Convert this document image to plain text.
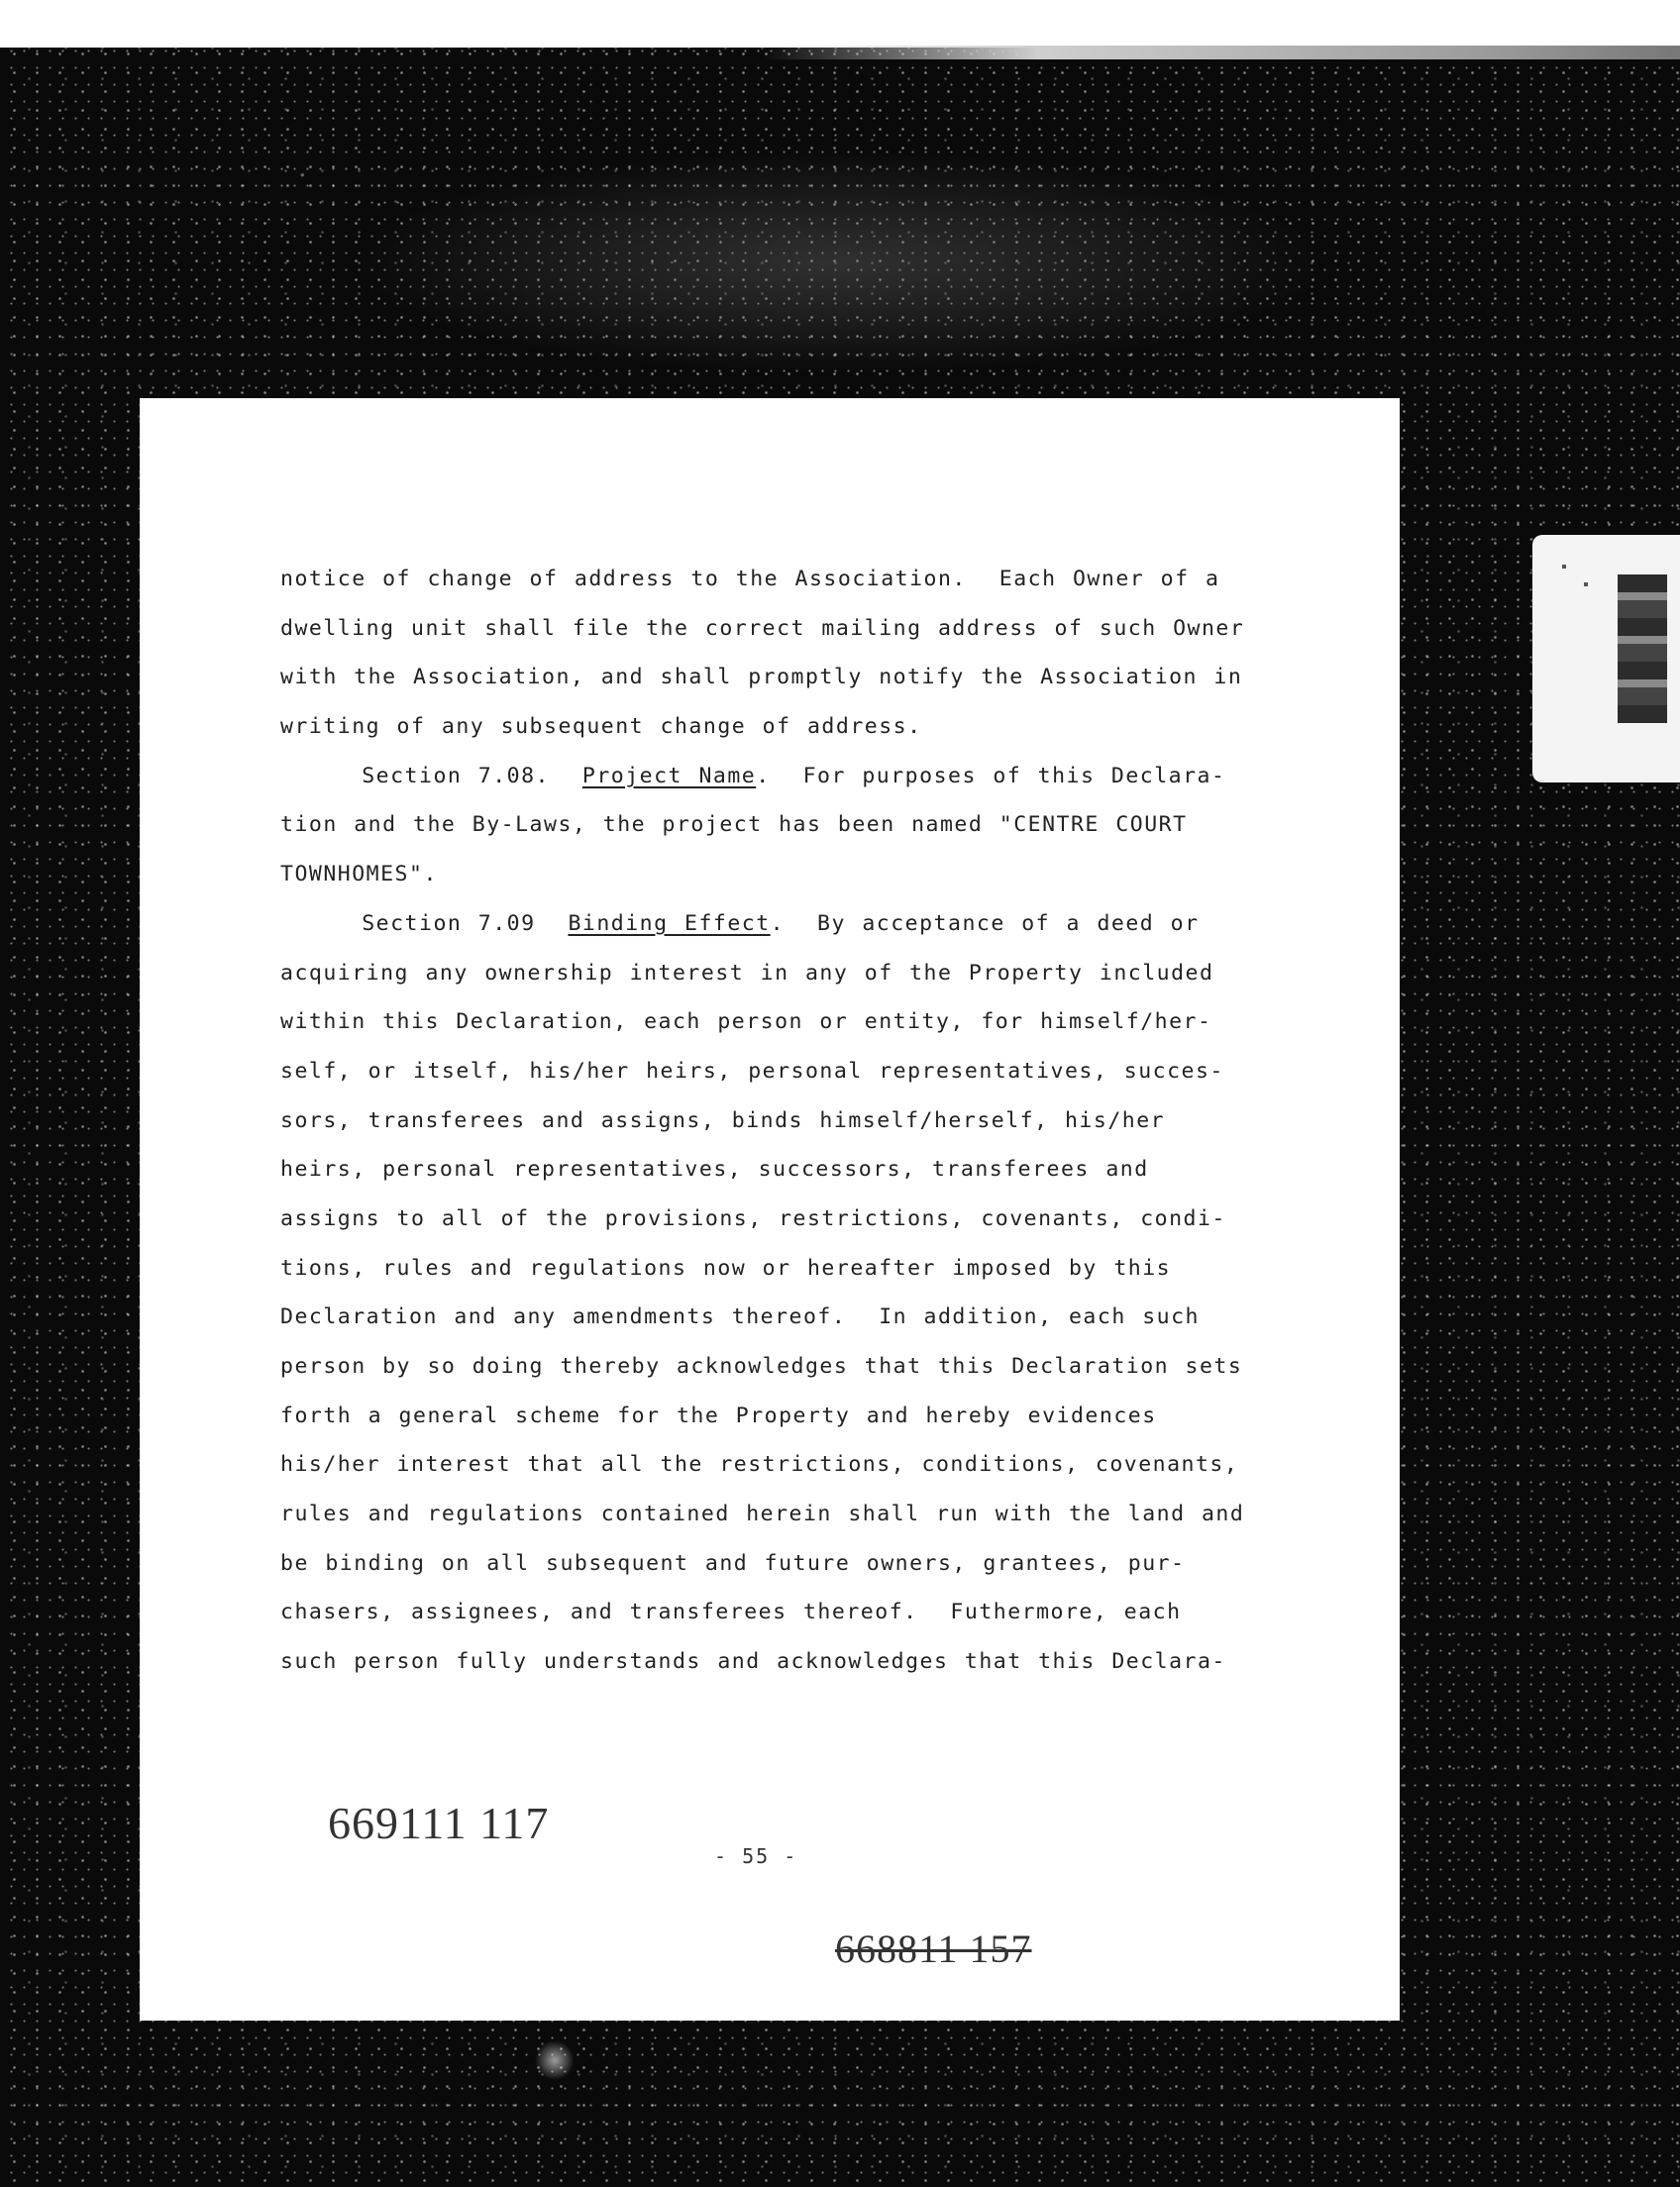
notice of change of address to the Association.  Each Owner of a
dwelling unit shall file the correct mailing address of such Owner
with the Association, and shall promptly notify the Association in
writing of any subsequent change of address.
Section 7.08.  Project Name.  For purposes of this Declara-
tion and the By-Laws, the project has been named "CENTRE COURT
TOWNHOMES".
Section 7.09  Binding Effect.  By acceptance of a deed or
acquiring any ownership interest in any of the Property included
within this Declaration, each person or entity, for himself/her-
self, or itself, his/her heirs, personal representatives, succes-
sors, transferees and assigns, binds himself/herself, his/her
heirs, personal representatives, successors, transferees and
assigns to all of the provisions, restrictions, covenants, condi-
tions, rules and regulations now or hereafter imposed by this
Declaration and any amendments thereof.  In addition, each such
person by so doing thereby acknowledges that this Declaration sets
forth a general scheme for the Property and hereby evidences
his/her interest that all the restrictions, conditions, covenants,
rules and regulations contained herein shall run with the land and
be binding on all subsequent and future owners, grantees, pur-
chasers, assignees, and transferees thereof.  Futhermore, each
such person fully understands and acknowledges that this Declara-
669111 117
- 55 -
668811 157
